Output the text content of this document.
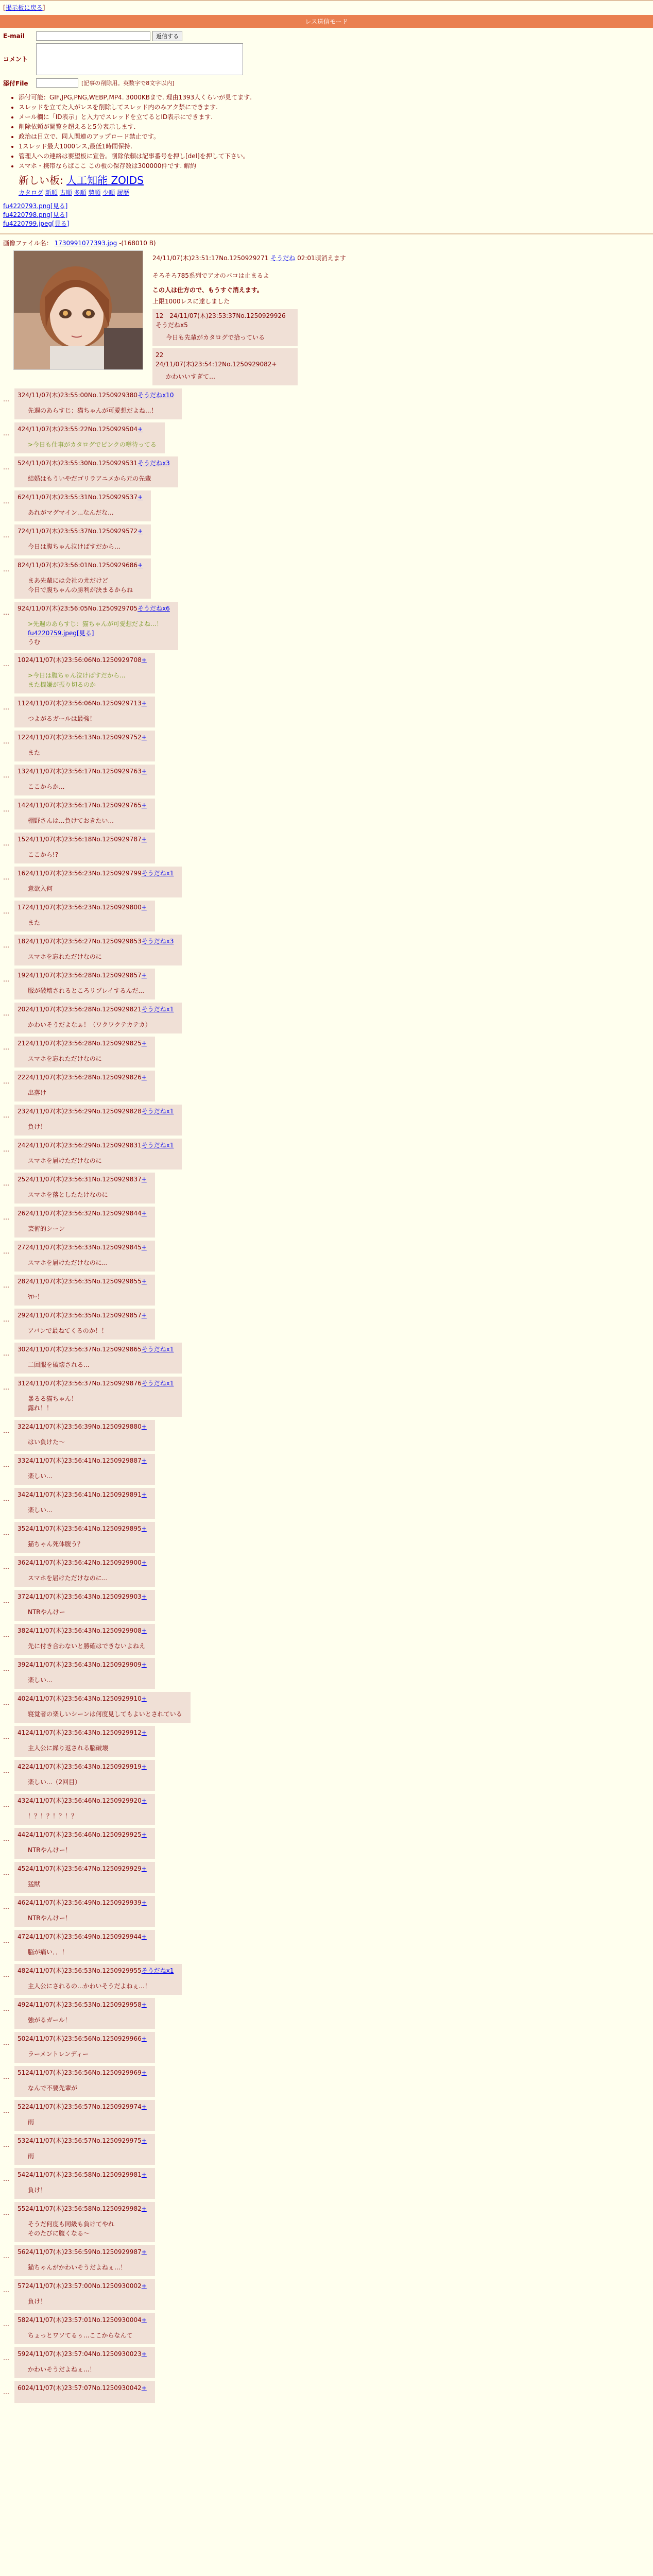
[掲示板に戻る]
レス送信モード
E-mail	返信する
コメント
添付File	[記事の削除用。英数字で8文字以内]
• 添付可能：GIF,JPG,PNG,WEBP,MP4. 3000KBまで. 理由1393人くらいが見てます.
• スレッドを立てた人がレスを削除してスレッド内のみアク禁にできます.
• メール欄に「ID表示」と入力でスレッドを立てるとID表示にできます.
• 削除依頼が閲覧を超えると5分表示します.
• 政治は目立で、同人関連のアップロード禁止です。
• 1スレッド最大1000レス,最低1時間保持.
• 管理人への連絡は要望板に宣告。削除依頼は記事番号を押し[del]を押して下さい。
• スマホ・携帯ならばここ この板の保存数は300000件です. 解約
新しい板: 人工知能 ZOIDS
カタログ 新順 古順 多順 勢順 少順 履歴
fu4220793.png[見る]
fu4220798.png[見る]
fu4220799.jpeg[見る]
画像ファイル名： 1730991077393.jpg -(168010 B)
24/11/07(木)23:51:17No.1250929271 そうだね 02:01頃消えます
そろそろ785系列でアオのバコは止まるよ
この人は仕方ので、もうすぐ消えます。
上限1000レスに達しました
12　24/11/07(木)23:53:37No.1250929926そうだねx5
今日も先輩がカタログで拾っている
22　24/11/07(木)23:54:12No.1250929082+
かわいいすぎて…
…
324/11/07(木)23:55:00No.1250929380そうだねx10
先週のあらすじ：猫ちゃんが可愛想だよね...！
…
424/11/07(木)23:55:22No.1250929504+
>今日も仕事がカタログでピンクの噂待ってる
…
524/11/07(木)23:55:30No.1250929531そうだねx3
結婚はもういやだゴリラアニメから元の先輩
…
624/11/07(木)23:55:31No.1250929537+
あれがマグマイン...なんだな...
…
724/11/07(木)23:55:37No.1250929572+
今日は腹ちゃん泣けばすだから...
…
824/11/07(木)23:56:01No.1250929686+
まあ先輩には会社の尤だけど
今日で腹ちゃんの勝利が決まるからね
…
924/11/07(木)23:56:05No.1250929705そうだねx6
>先週のあらすじ：猫ちゃんが可愛想だよね...！
fu4220759.jpeg[見る]
うむ
…
1024/11/07(木)23:56:06No.1250929708+
>今日は腹ちゃん泣けばすだから...
また機嫌が振り切るのか
…
1124/11/07(木)23:56:06No.1250929713+
つよがるガールは最強！
…
1224/11/07(木)23:56:13No.1250929752+
また
…
1324/11/07(木)23:56:17No.1250929763+
ここからか...
…
1424/11/07(木)23:56:17No.1250929765+
棚野さんは...負けておきたい...
…
1524/11/07(木)23:56:18No.1250929787+
ここから!?
…
1624/11/07(木)23:56:23No.1250929799そうだねx1
意欲入何
…
1724/11/07(木)23:56:23No.1250929800+
また
…
1824/11/07(木)23:56:27No.1250929853そうだねx3
スマホを忘れただけなのに
…
1924/11/07(木)23:56:28No.1250929857+
服が破壊されるところリプレイするんだ...
…
2024/11/07(木)23:56:28No.1250929821そうだねx1
かわいそうだよなぁ！（ワクワクテカテカ）
…
2124/11/07(木)23:56:28No.1250929825+
スマホを忘れただけなのに
…
2224/11/07(木)23:56:28No.1250929826+
出落け
…
2324/11/07(木)23:56:29No.1250929828そうだねx1
負け！
…
2424/11/07(木)23:56:29No.1250929831そうだねx1
スマホを届けただけなのに
…
2524/11/07(木)23:56:31No.1250929837+
スマホを落としたたけなのに
…
2624/11/07(木)23:56:32No.1250929844+
芸術的シーン
…
2724/11/07(木)23:56:33No.1250929845+
スマホを届けただけなのに...
…
2824/11/07(木)23:56:35No.1250929855+
ﾔﾛｰ！
…
2924/11/07(木)23:56:35No.1250929857+
アバンで最ねてくるのか！！
…
3024/11/07(木)23:56:37No.1250929865そうだねx1
二回服を破壊される...
…
3124/11/07(木)23:56:37No.1250929876そうだねx1
暴るる猫ちゃん！
露れ！！
…
3224/11/07(木)23:56:39No.1250929880+
はい負けた～
…
3324/11/07(木)23:56:41No.1250929887+
楽しい...
…
3424/11/07(木)23:56:41No.1250929891+
楽しい...
…
3524/11/07(木)23:56:41No.1250929895+
猫ちゃん死体腹う？
…
3624/11/07(木)23:56:42No.1250929900+
スマホを届けただけなのに...
…
3724/11/07(木)23:56:43No.1250929903+
NTRやんけー
…
3824/11/07(木)23:56:43No.1250929908+
先に付き合わないと勝確はできないよねえ
…
3924/11/07(木)23:56:43No.1250929909+
楽しい...
…
4024/11/07(木)23:56:43No.1250929910+
寝覚者の楽しいシーンは何度見してもよいとされている
…
4124/11/07(木)23:56:43No.1250929912+
主人公に繰り返される脳破壊
…
4224/11/07(木)23:56:43No.1250929919+
楽しい...（2回目）
…
4324/11/07(木)23:56:46No.1250929920+
！？！？！？！？
…
4424/11/07(木)23:56:46No.1250929925+
NTRやんけー！
…
4524/11/07(木)23:56:47No.1250929929+
猛獣
…
4624/11/07(木)23:56:49No.1250929939+
NTRやんけー！
…
4724/11/07(木)23:56:49No.1250929944+
脳が痛い．．！
…
4824/11/07(木)23:56:53No.1250929955そうだねx1
主人公にされるの...かわいそうだよねぇ...！
…
4924/11/07(木)23:56:53No.1250929958+
強がるガール！
…
5024/11/07(木)23:56:56No.1250929966+
ラーメントレンディー
…
5124/11/07(木)23:56:56No.1250929969+
なんで不要先輩が
…
5224/11/07(木)23:56:57No.1250929974+
雨
…
5324/11/07(木)23:56:57No.1250929975+
雨
…
5424/11/07(木)23:56:58No.1250929981+
負け！
…
5524/11/07(木)23:56:58No.1250929982+
そうだ何度も同級も負けてやれ
そのたびに腹くなる～
…
5624/11/07(木)23:56:59No.1250929987+
猫ちゃんがかわいそうだよねぇ...！
…
5724/11/07(木)23:57:00No.1250930002+
負け！
…
5824/11/07(木)23:57:01No.1250930004+
ちょっとワソてるぅ...ここからなんて
…
5924/11/07(木)23:57:04No.1250930023+
かわいそうだよねぇ...！
…
6024/11/07(木)23:57:07No.1250930042+
